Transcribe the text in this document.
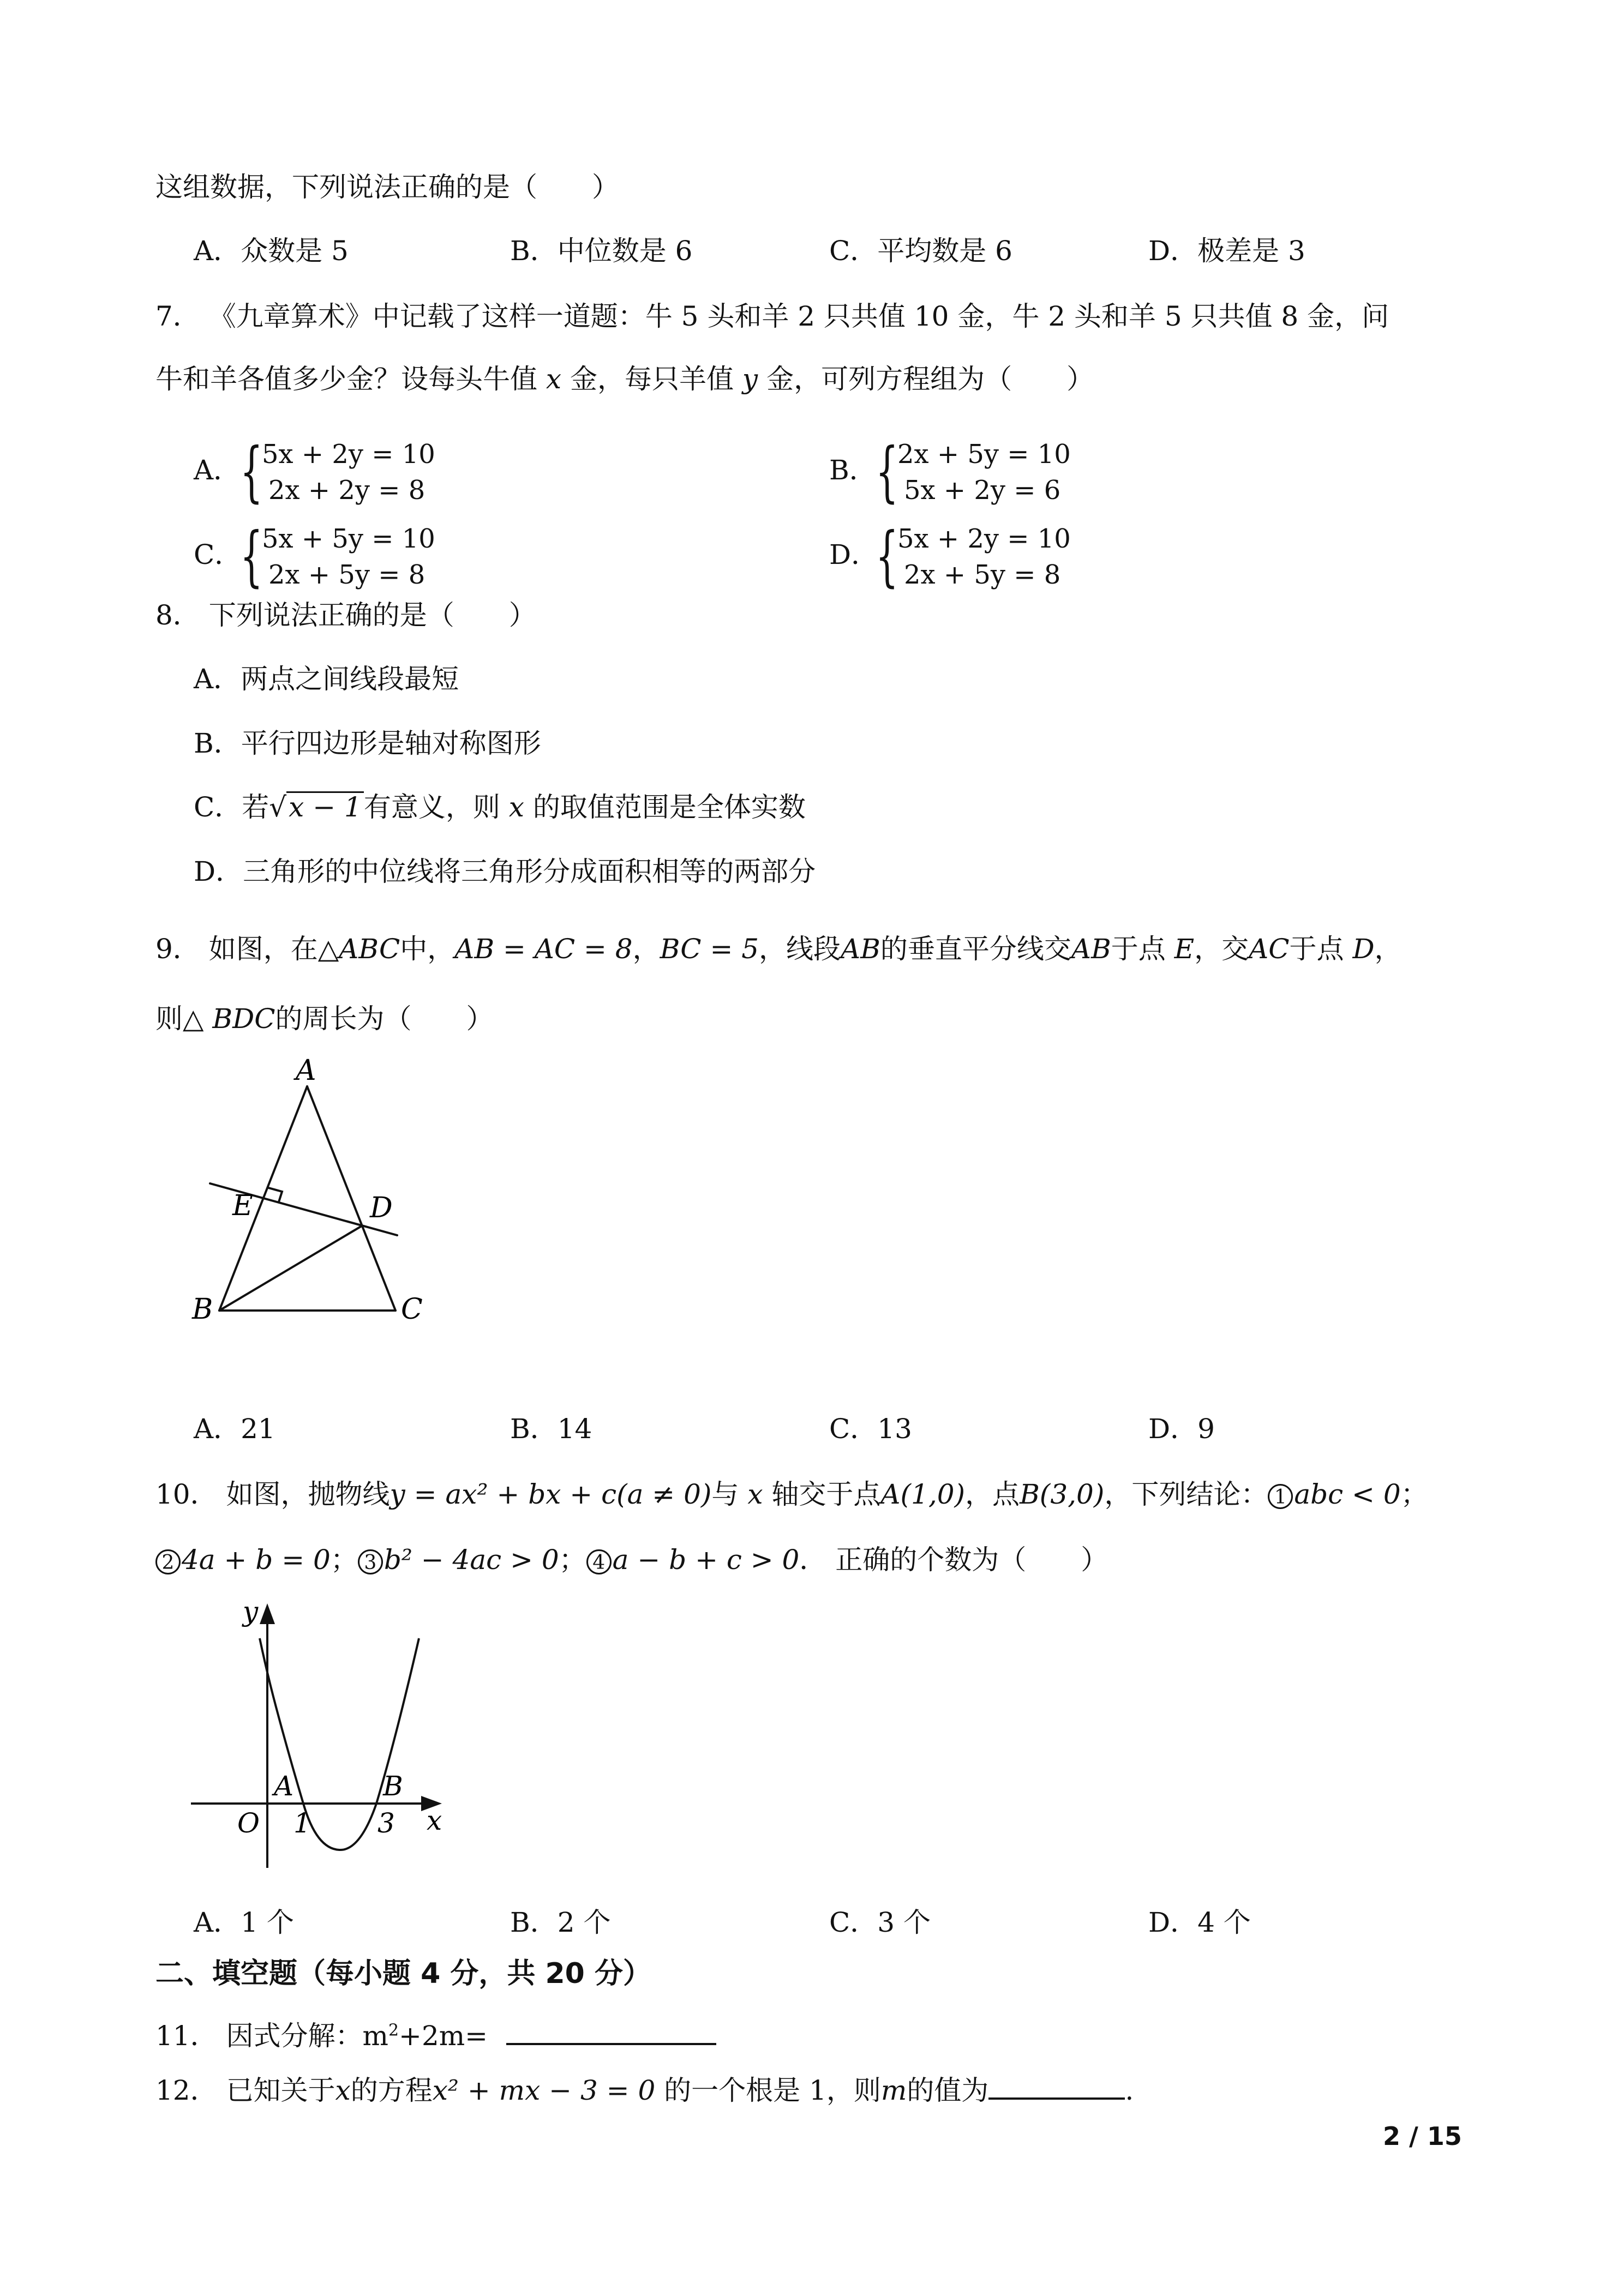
这组数据，下列说法正确的是（　　）
A．众数是 5	B．中位数是 6	C．平均数是 6	D．极差是 3
7． 《九章算术》中记载了这样一道题：牛 5 头和羊 2 只共值 10 金，牛 2 头和羊 5 只共值 8 金，问
牛和羊各值多少金？设每头牛值 x 金，每只羊值 y 金，可列方程组为（　　）
A．
{
5x + 2y = 10
2x + 2y = 8
B．
{
2x + 5y = 10
5x + 2y = 6
C．
{
5x + 5y = 10
2x + 5y = 8
D．
{
5x + 2y = 10
2x + 5y = 8
8． 下列说法正确的是（　　）
A．两点之间线段最短
B．平行四边形是轴对称图形
C．若√x − 1有意义，则 x 的取值范围是全体实数
D．三角形的中位线将三角形分成面积相等的两部分
9． 如图，在△ABC中，AB = AC = 8，BC = 5，线段AB的垂直平分线交AB于点 E，交AC于点 D，
则△ BDC的周长为（　　）
A
E	D
B	C
A．21	B．14	C．13	D．9
10． 如图，抛物线y = ax² + bx + c(a ≠ 0)与 x 轴交于点A(1,0)，点B(3,0)，下列结论： 1 abc < 0；
2 4a + b = 0； 3 b² − 4ac > 0； 4 a − b + c > 0． 正确的个数为（　　）
y
x
O
A	B
1 3
A．1 个	B．2 个	C．3 个	D．4 个
二、填空题（每小题 4 分，共 20 分）
11． 因式分解：$m^2+2m=$
12． 已知关于x的方程x² + mx − 3 = 0 的一个根是 1，则m的值为	.
2 / 15
